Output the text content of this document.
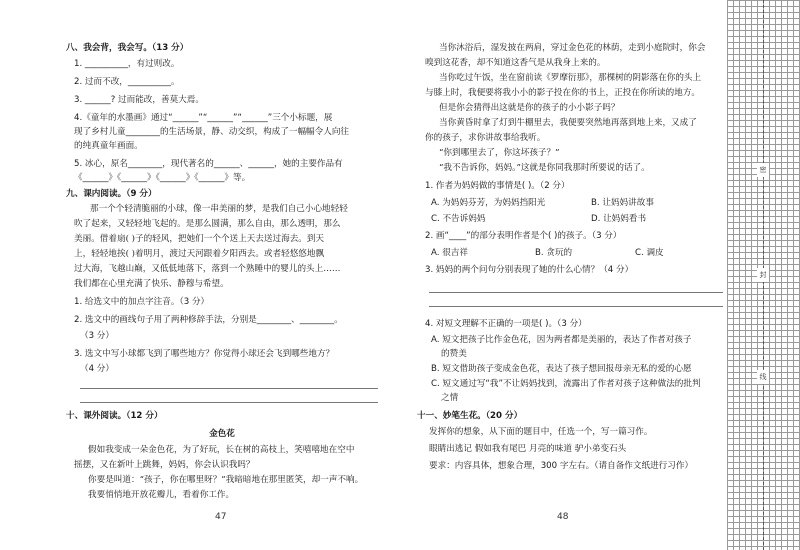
八、我会背，我会写。（13 分）
1. __________，有过则改。
2. 过而不改，__________。
3. ______? 过而能改，善莫大焉。
4.《童年的水墨画》通过“______”“______”“______”三个小标题，展
现了乡村儿童________的生活场景，静、动交织，构成了一幅幅令人向往
的纯真童年画面。
5. 冰心，原名________，现代著名的______、______，她的主要作品有
《______》《______》《______》《______》等。
九、课内阅读。（9 分）
那一个个轻清脆丽的小球，像一串美丽的梦，是我们自己小心地轻轻
吹了起来，又轻轻地飞起的。是那么圆满，那么自由，那么透明，那么
美丽。借着扇( )子的轻风，把她们一个个送上天去送过海去。到天
上，轻轻地挨( )着明月，渡过天河跟着夕阳西去。或者轻悠悠地飘
过大海，飞越山巅，又低低地落下，落到一个熟睡中的婴儿的头上……
我们都在心里充满了快乐、静穆与希望。
1. 给选文中的加点字注音。（3 分）
2. 选文中的画线句子用了两种修辞手法，分别是________、________。
（3 分）
3. 选文中写小球都飞到了哪些地方？你觉得小球还会飞到哪些地方？
（4 分）
十、课外阅读。（12 分）
金色花
假如我变成一朵金色花，为了好玩，长在树的高枝上，笑嘻嘻地在空中
摇摆，又在新叶上跳舞，妈妈，你会认识我吗？
你要是叫道：“孩子，你在哪里呀？”我暗暗地在那里匿笑，却一声不响。
我要悄悄地开放花瓣儿，看着你工作。
47
当你沐浴后，湿发披在两肩，穿过金色花的林荫，走到小庭院时，你会
嗅到这花香，却不知道这香气是从我身上来的。
当你吃过午饭，坐在窗前读《罗摩衍那》，那棵树的阴影落在你的头上
与膝上时，我便要将我小小的影子投在你的书上，正投在你所读的地方。
但是你会猜得出这就是你的孩子的小小影子吗？
当你黄昏时拿了灯到牛棚里去，我便要突然地再落到地上来，又成了
你的孩子，求你讲故事给我听。
“你到哪里去了，你这坏孩子？”
“我不告诉你，妈妈。”这就是你同我那时所要说的话了。
1. 作者为妈妈做的事情是( )。（2 分）
A. 为妈妈芬芳，为妈妈挡阳光	B. 让妈妈讲故事
C. 不告诉妈妈	D. 让妈妈看书
2. 画“____”的部分表明作者是个( )的孩子。（3 分）
A. 很吉祥	B. 贪玩的	C. 调皮
3. 妈妈的两个问句分别表现了她的什么心情？（4 分）
4. 对短文理解不正确的一项是( )。（3 分）
A. 短文把孩子比作金色花，因为两者都是美丽的，表达了作者对孩子
的赞美
B. 短文借助孩子变成金色花，表达了孩子想回报母亲无私的爱的心愿
C. 短文通过写“我”不让妈妈找到，流露出了作者对孩子这种做法的批判
之情
十一、妙笔生花。（20 分）
发挥你的想象，从下面的题目中，任选一个，写一篇习作。
眼睛出逃记 假如我有尾巴 月亮的味道 驴小弟变石头
要求：内容具体，想象合理，300 字左右。（请自备作文纸进行习作）
48
密
封
线
